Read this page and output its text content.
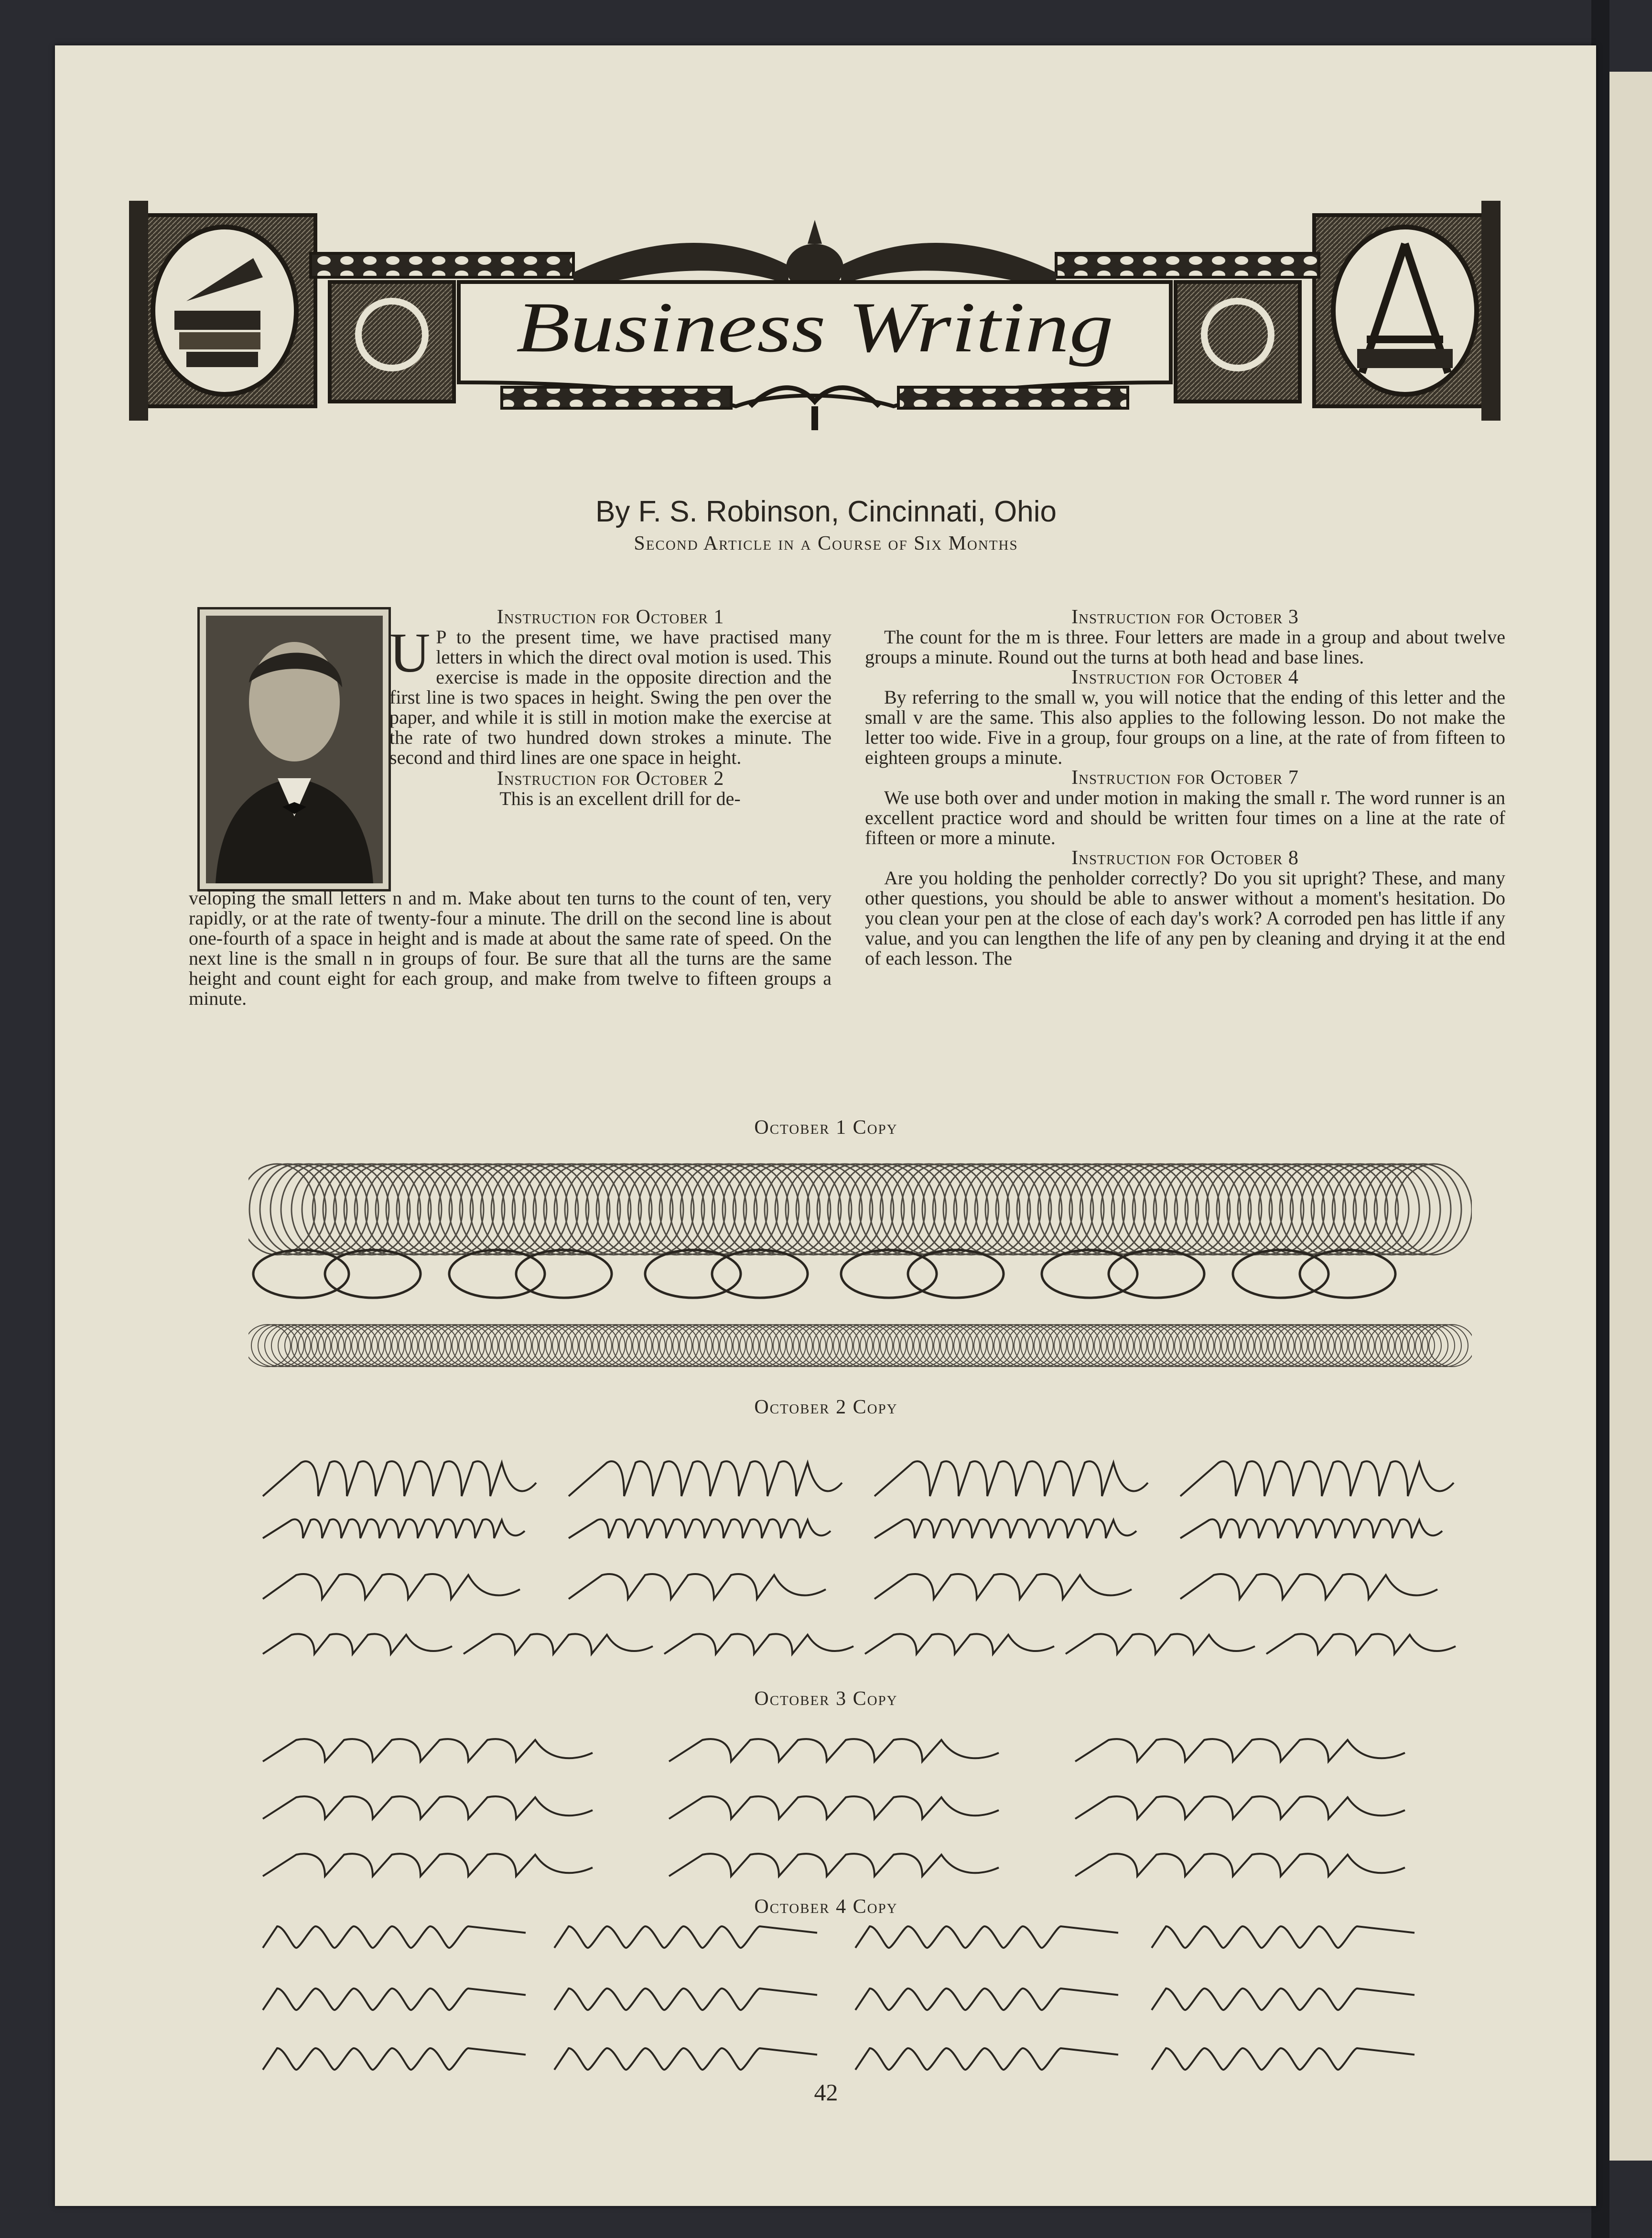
Business Writing
By F. S. Robinson, Cincinnati, Ohio
Second Article in a Course of Six Months
Instruction for October 1

U P to the present time, we have practised many letters in which the direct oval motion is used. This exercise is made in the opposite direction and the first line is two spaces in height. Swing the pen over the paper, and while it is still in motion make the exercise at the rate of two hundred down strokes a minute. The second and third lines are one space in height.

Instruction for October 2

This is an excellent drill for de-

veloping the small letters n and m. Make about ten turns to the count of ten, very rapidly, or at the rate of twenty-four a minute. The drill on the second line is about one-fourth of a space in height and is made at about the same rate of speed. On the next line is the small n in groups of four. Be sure that all the turns are the same height and count eight for each group, and make from twelve to fifteen groups a minute.

Instruction for October 3

The count for the m is three. Four letters are made in a group and about twelve groups a minute. Round out the turns at both head and base lines.

Instruction for October 4

By referring to the small w, you will notice that the ending of this letter and the small v are the same. This also applies to the following lesson. Do not make the letter too wide. Five in a group, four groups on a line, at the rate of from fifteen to eighteen groups a minute.

Instruction for October 7

We use both over and under motion in making the small r. The word runner is an excellent practice word and should be written four times on a line at the rate of fifteen or more a minute.

Instruction for October 8

Are you holding the penholder correctly? Do you sit upright? These, and many other questions, you should be able to answer without a moment's hesitation. Do you clean your pen at the close of each day's work? A corroded pen has little if any value, and you can lengthen the life of any pen by cleaning and drying it at the end of each lesson. The

October 1 Copy
October 2 Copy
October 3 Copy
October 4 Copy
42
